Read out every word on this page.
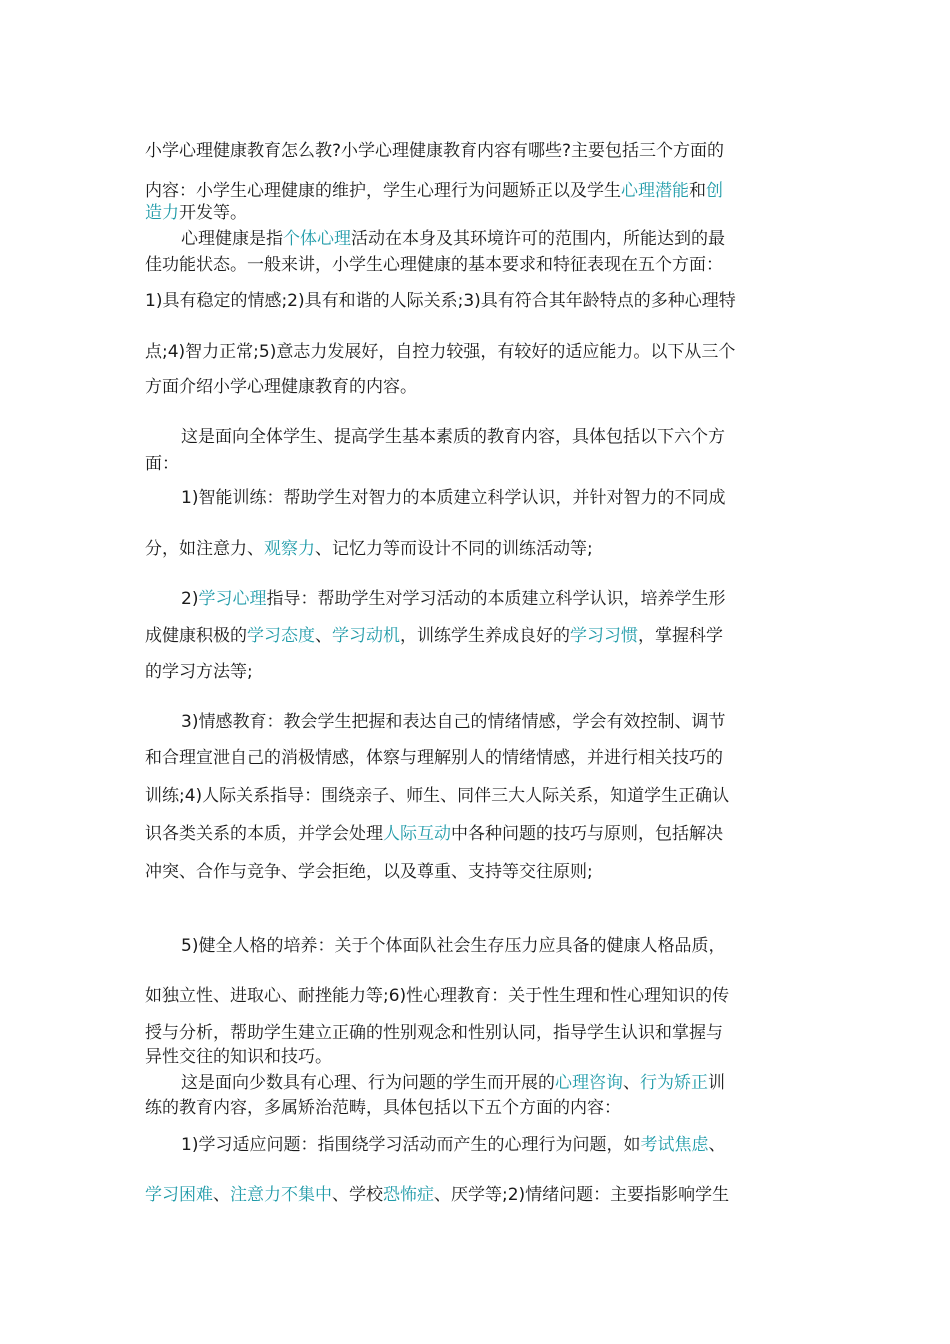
小学心理健康教育怎么教?小学心理健康教育内容有哪些?主要包括三个方面的
内容：小学生心理健康的维护，学生心理行为问题矫正以及学生心理潜能和创
造力开发等。
心理健康是指个体心理活动在本身及其环境许可的范围内，所能达到的最
佳功能状态。一般来讲，小学生心理健康的基本要求和特征表现在五个方面：
1)具有稳定的情感;2)具有和谐的人际关系;3)具有符合其年龄特点的多种心理特
点;4)智力正常;5)意志力发展好，自控力较强，有较好的适应能力。以下从三个
方面介绍小学心理健康教育的内容。
这是面向全体学生、提高学生基本素质的教育内容，具体包括以下六个方
面：
1)智能训练：帮助学生对智力的本质建立科学认识，并针对智力的不同成
分，如注意力、观察力、记忆力等而设计不同的训练活动等;
2)学习心理指导：帮助学生对学习活动的本质建立科学认识，培养学生形
成健康积极的学习态度、学习动机，训练学生养成良好的学习习惯，掌握科学
的学习方法等;
3)情感教育：教会学生把握和表达自己的情绪情感，学会有效控制、调节
和合理宣泄自己的消极情感，体察与理解别人的情绪情感，并进行相关技巧的
训练;4)人际关系指导：围绕亲子、师生、同伴三大人际关系，知道学生正确认
识各类关系的本质，并学会处理人际互动中各种问题的技巧与原则，包括解决
冲突、合作与竞争、学会拒绝，以及尊重、支持等交往原则;
5)健全人格的培养：关于个体面队社会生存压力应具备的健康人格品质，
如独立性、进取心、耐挫能力等;6)性心理教育：关于性生理和性心理知识的传
授与分析，帮助学生建立正确的性别观念和性别认同，指导学生认识和掌握与
异性交往的知识和技巧。
这是面向少数具有心理、行为问题的学生而开展的心理咨询、行为矫正训
练的教育内容，多属矫治范畴，具体包括以下五个方面的内容：
1)学习适应问题：指围绕学习活动而产生的心理行为问题，如考试焦虑、
学习困难、注意力不集中、学校恐怖症、厌学等;2)情绪问题：主要指影响学生
